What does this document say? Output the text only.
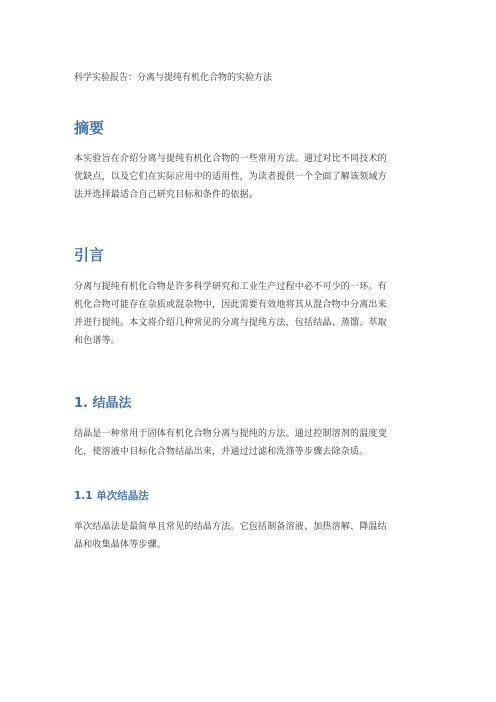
科学实验报告：分离与提纯有机化合物的实验方法
摘要
本实验旨在介绍分离与提纯有机化合物的一些常用方法。通过对比不同技术的
优缺点，以及它们在实际应用中的适用性，为读者提供一个全面了解该领域方
法并选择最适合自己研究目标和条件的依据。
引言
分离与提纯有机化合物是许多科学研究和工业生产过程中必不可少的一环。有
机化合物可能存在杂质或混杂物中，因此需要有效地将其从混合物中分离出来
并进行提纯。本文将介绍几种常见的分离与提纯方法，包括结晶、蒸馏、萃取
和色谱等。
1. 结晶法
结晶是一种常用于固体有机化合物分离与提纯的方法。通过控制溶剂的温度变
化，使溶液中目标化合物结晶出来，并通过过滤和洗涤等步骤去除杂质。
1.1 单次结晶法
单次结晶法是最简单且常见的结晶方法。它包括制备溶液、加热溶解、降温结
晶和收集晶体等步骤。
